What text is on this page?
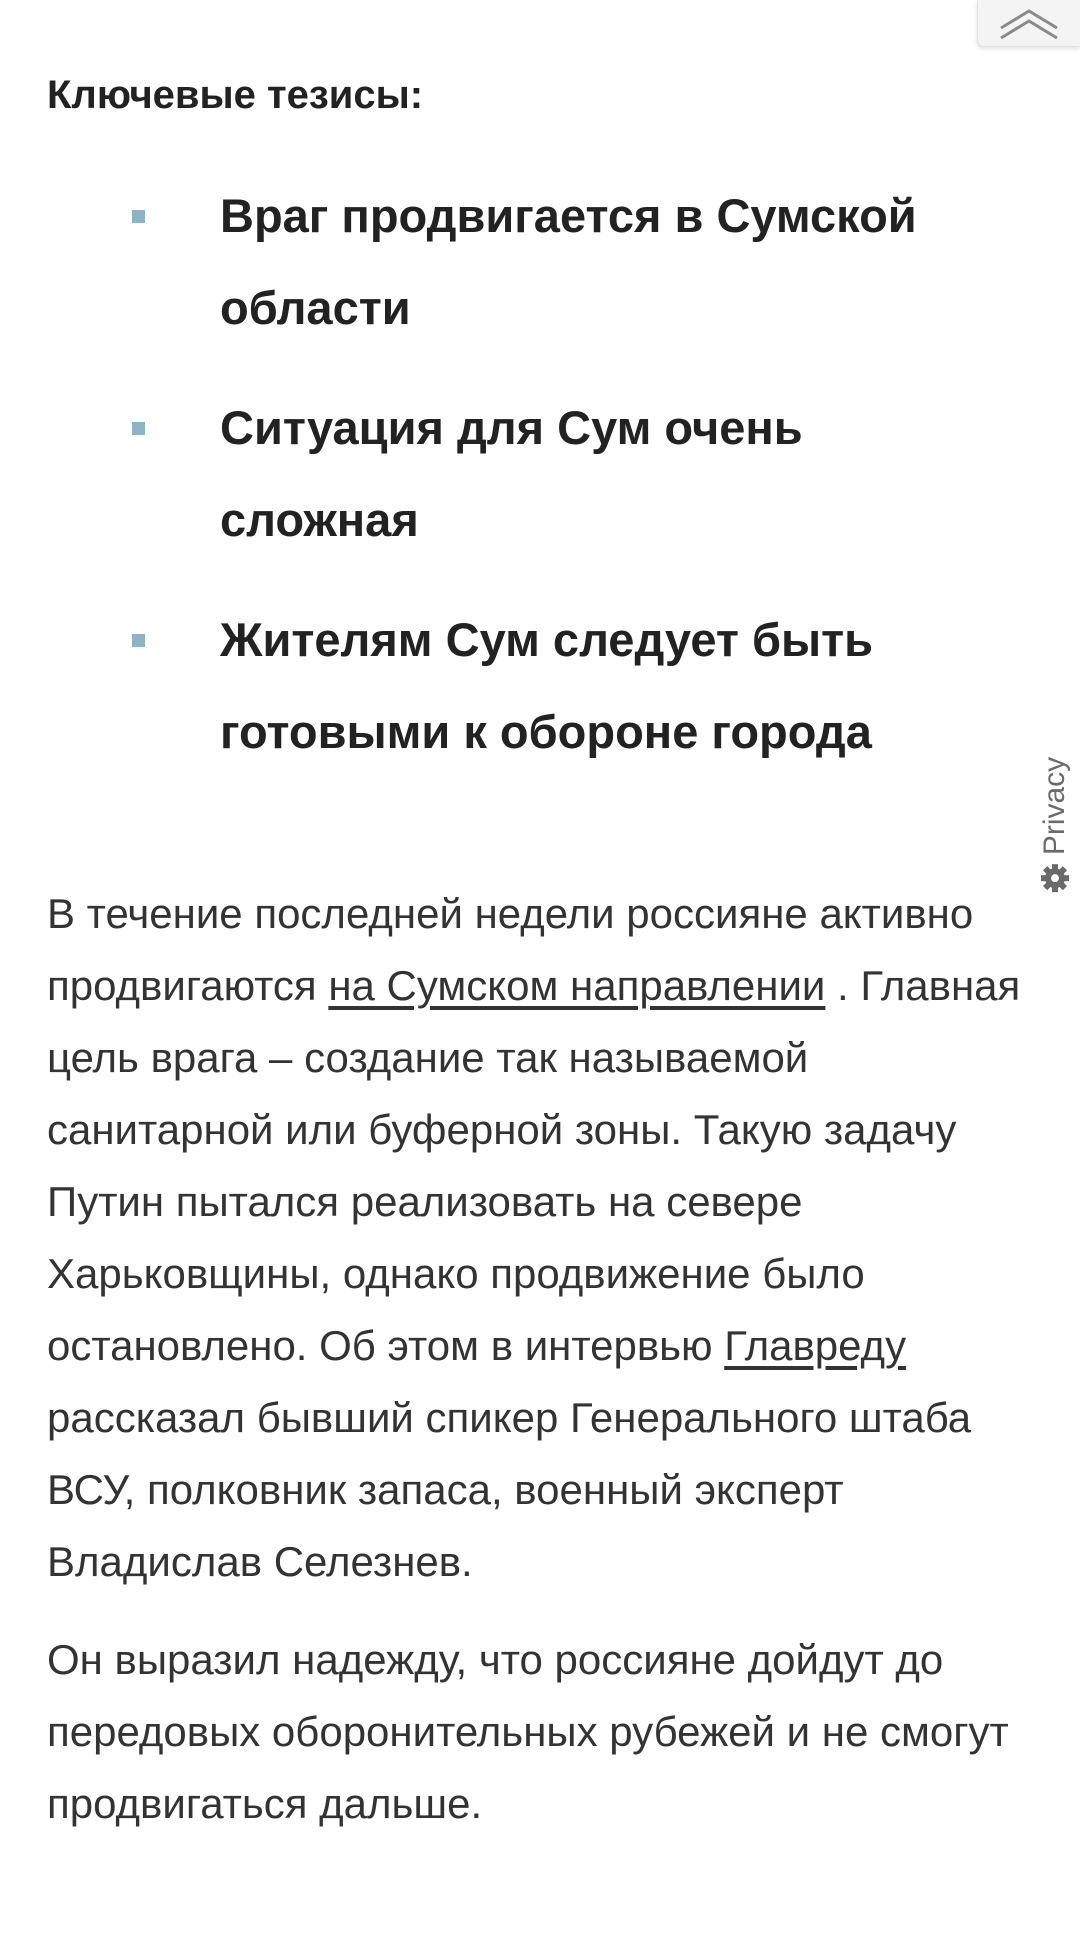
Ключевые тезисы:
Враг продвигается в Сумской области
Ситуация для Сум очень сложная
Жителям Сум следует быть готовыми к обороне города

В течение последней недели россияне активно продвигаются на Сумском направлении . Главная цель врага – создание так называемой санитарной или буферной зоны. Такую задачу Путин пытался реализовать на севере Харьковщины, однако продвижение было остановлено. Об этом в интервью Главреду рассказал бывший спикер Генерального штаба ВСУ, полковник запаса, военный эксперт Владислав Селезнев.

Он выразил надежду, что россияне дойдут до передовых оборонительных рубежей и не смогут продвигаться дальше.

Privacy
